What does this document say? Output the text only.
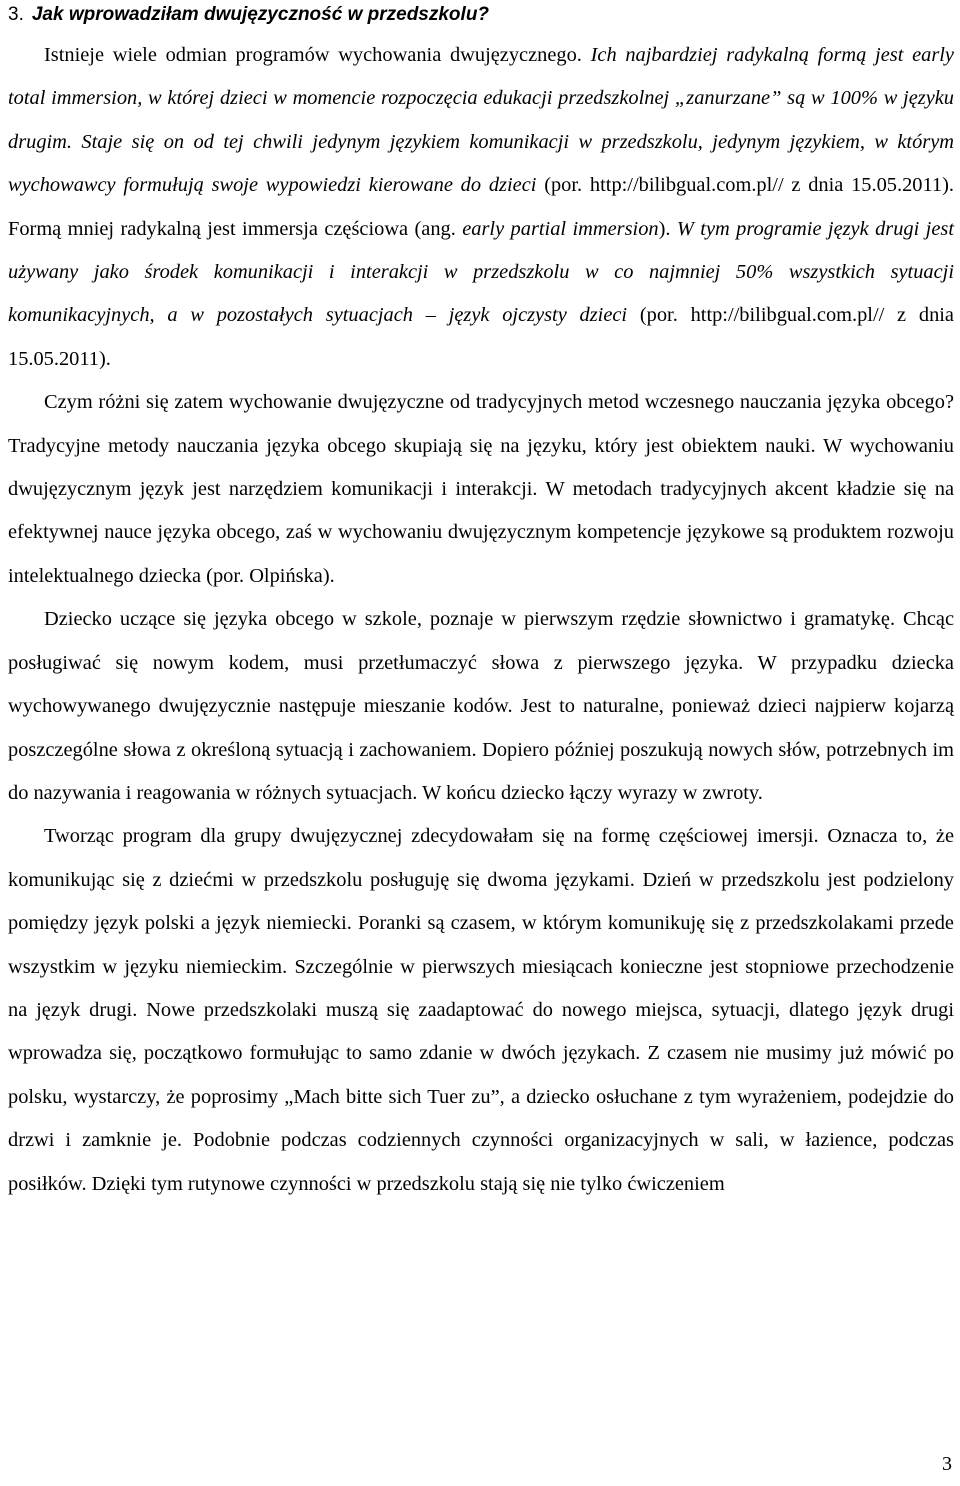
3. Jak wprowadziłam dwujęzyczność w przedszkolu?

Istnieje wiele odmian programów wychowania dwujęzycznego. Ich najbardziej radykalną formą jest early total immersion, w której dzieci w momencie rozpoczęcia edukacji przedszkolnej „zanurzane” są w 100% w języku drugim. Staje się on od tej chwili jedynym językiem komunikacji w przedszkolu, jedynym językiem, w którym wychowawcy formułują swoje wypowiedzi kierowane do dzieci (por. http://bilibgual.com.pl// z dnia 15.05.2011). Formą mniej radykalną jest immersja częściowa (ang. early partial immersion). W tym programie język drugi jest używany jako środek komunikacji i interakcji w przedszkolu w co najmniej 50% wszystkich sytuacji komunikacyjnych, a w pozostałych sytuacjach – język ojczysty dzieci (por. http://bilibgual.com.pl// z dnia 15.05.2011).

Czym różni się zatem wychowanie dwujęzyczne od tradycyjnych metod wczesnego nauczania języka obcego? Tradycyjne metody nauczania języka obcego skupiają się na języku, który jest obiektem nauki. W wychowaniu dwujęzycznym język jest narzędziem komunikacji i interakcji. W metodach tradycyjnych akcent kładzie się na efektywnej nauce języka obcego, zaś w wychowaniu dwujęzycznym kompetencje językowe są produktem rozwoju intelektualnego dziecka (por. Olpińska).

Dziecko uczące się języka obcego w szkole, poznaje w pierwszym rzędzie słownictwo i gramatykę. Chcąc posługiwać się nowym kodem, musi przetłumaczyć słowa z pierwszego języka. W przypadku dziecka wychowywanego dwujęzycznie następuje mieszanie kodów. Jest to naturalne, ponieważ dzieci najpierw kojarzą poszczególne słowa z określoną sytuacją i zachowaniem. Dopiero później poszukują nowych słów, potrzebnych im do nazywania i reagowania w różnych sytuacjach. W końcu dziecko łączy wyrazy w zwroty.

Tworząc program dla grupy dwujęzycznej zdecydowałam się na formę częściowej imersji. Oznacza to, że komunikując się z dziećmi w przedszkolu posługuję się dwoma językami. Dzień w przedszkolu jest podzielony pomiędzy język polski a język niemiecki. Poranki są czasem, w którym komunikuję się z przedszkolakami przede wszystkim w języku niemieckim. Szczególnie w pierwszych miesiącach konieczne jest stopniowe przechodzenie na język drugi. Nowe przedszkolaki muszą się zaadaptować do nowego miejsca, sytuacji, dlatego język drugi wprowadza się, początkowo formułując to samo zdanie w dwóch językach. Z czasem nie musimy już mówić po polsku, wystarczy, że poprosimy „Mach bitte sich Tuer zu”, a dziecko osłuchane z tym wyrażeniem, podejdzie do drzwi i zamknie je. Podobnie podczas codziennych czynności organizacyjnych w sali, w łazience, podczas posiłków. Dzięki tym rutynowe czynności w przedszkolu stają się nie tylko ćwiczeniem

3
